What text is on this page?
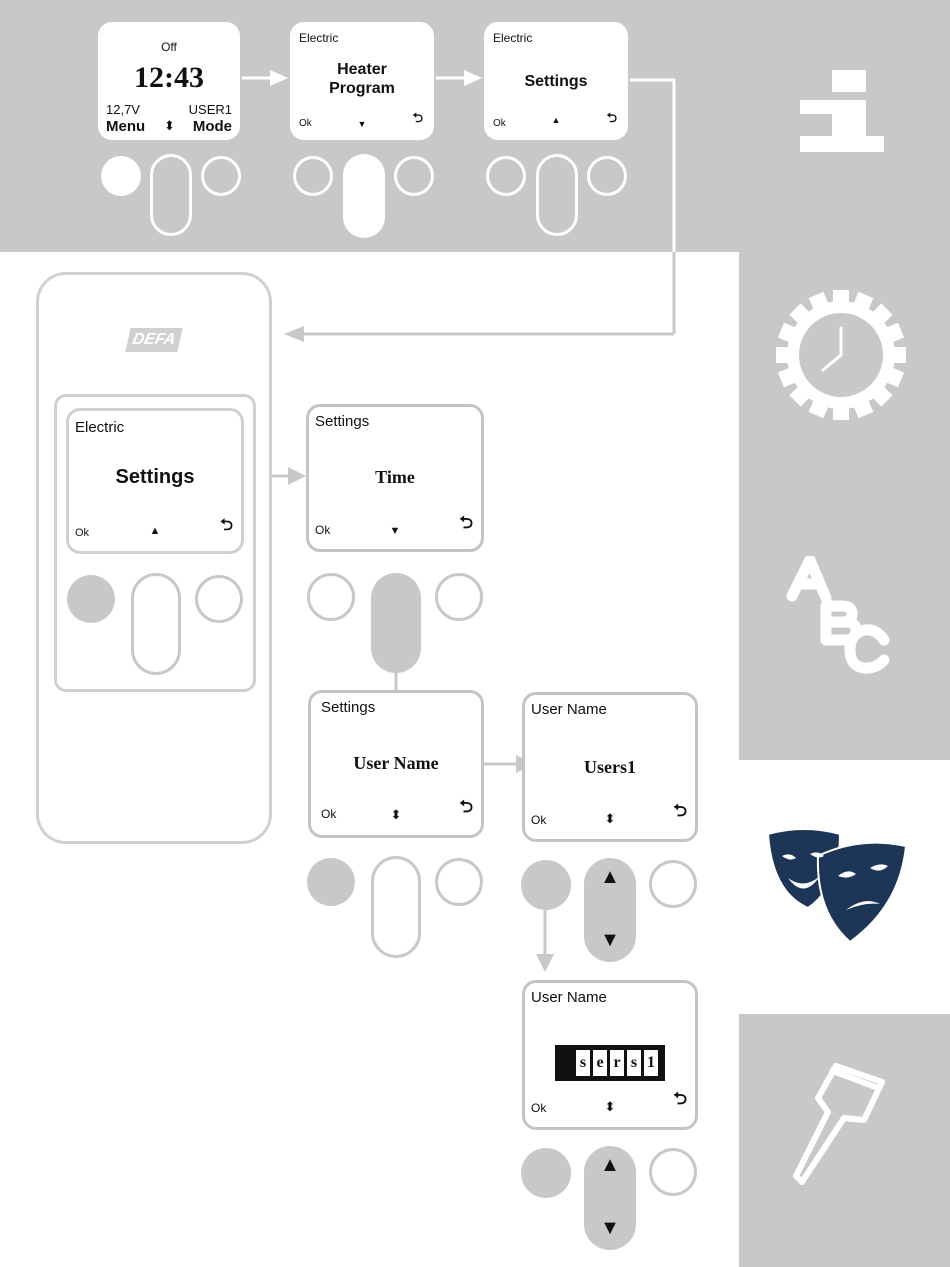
Off
12:43
12,7V	USER1
Menu ⬍ Mode
Electric
Heater
Program
Ok	▼	⮌
Electric
Settings
Ok	▲	⮌
DEFA
Electric
Settings
Ok	▲	⮌
Settings
Time
Ok	▼	⮌
Settings
User Name
Ok	⬍	⮌
User Name
Users1
Ok	⬍	⮌
▲
▼
User Name
s e r s 1
Ok	⬍	⮌
▲
▼
